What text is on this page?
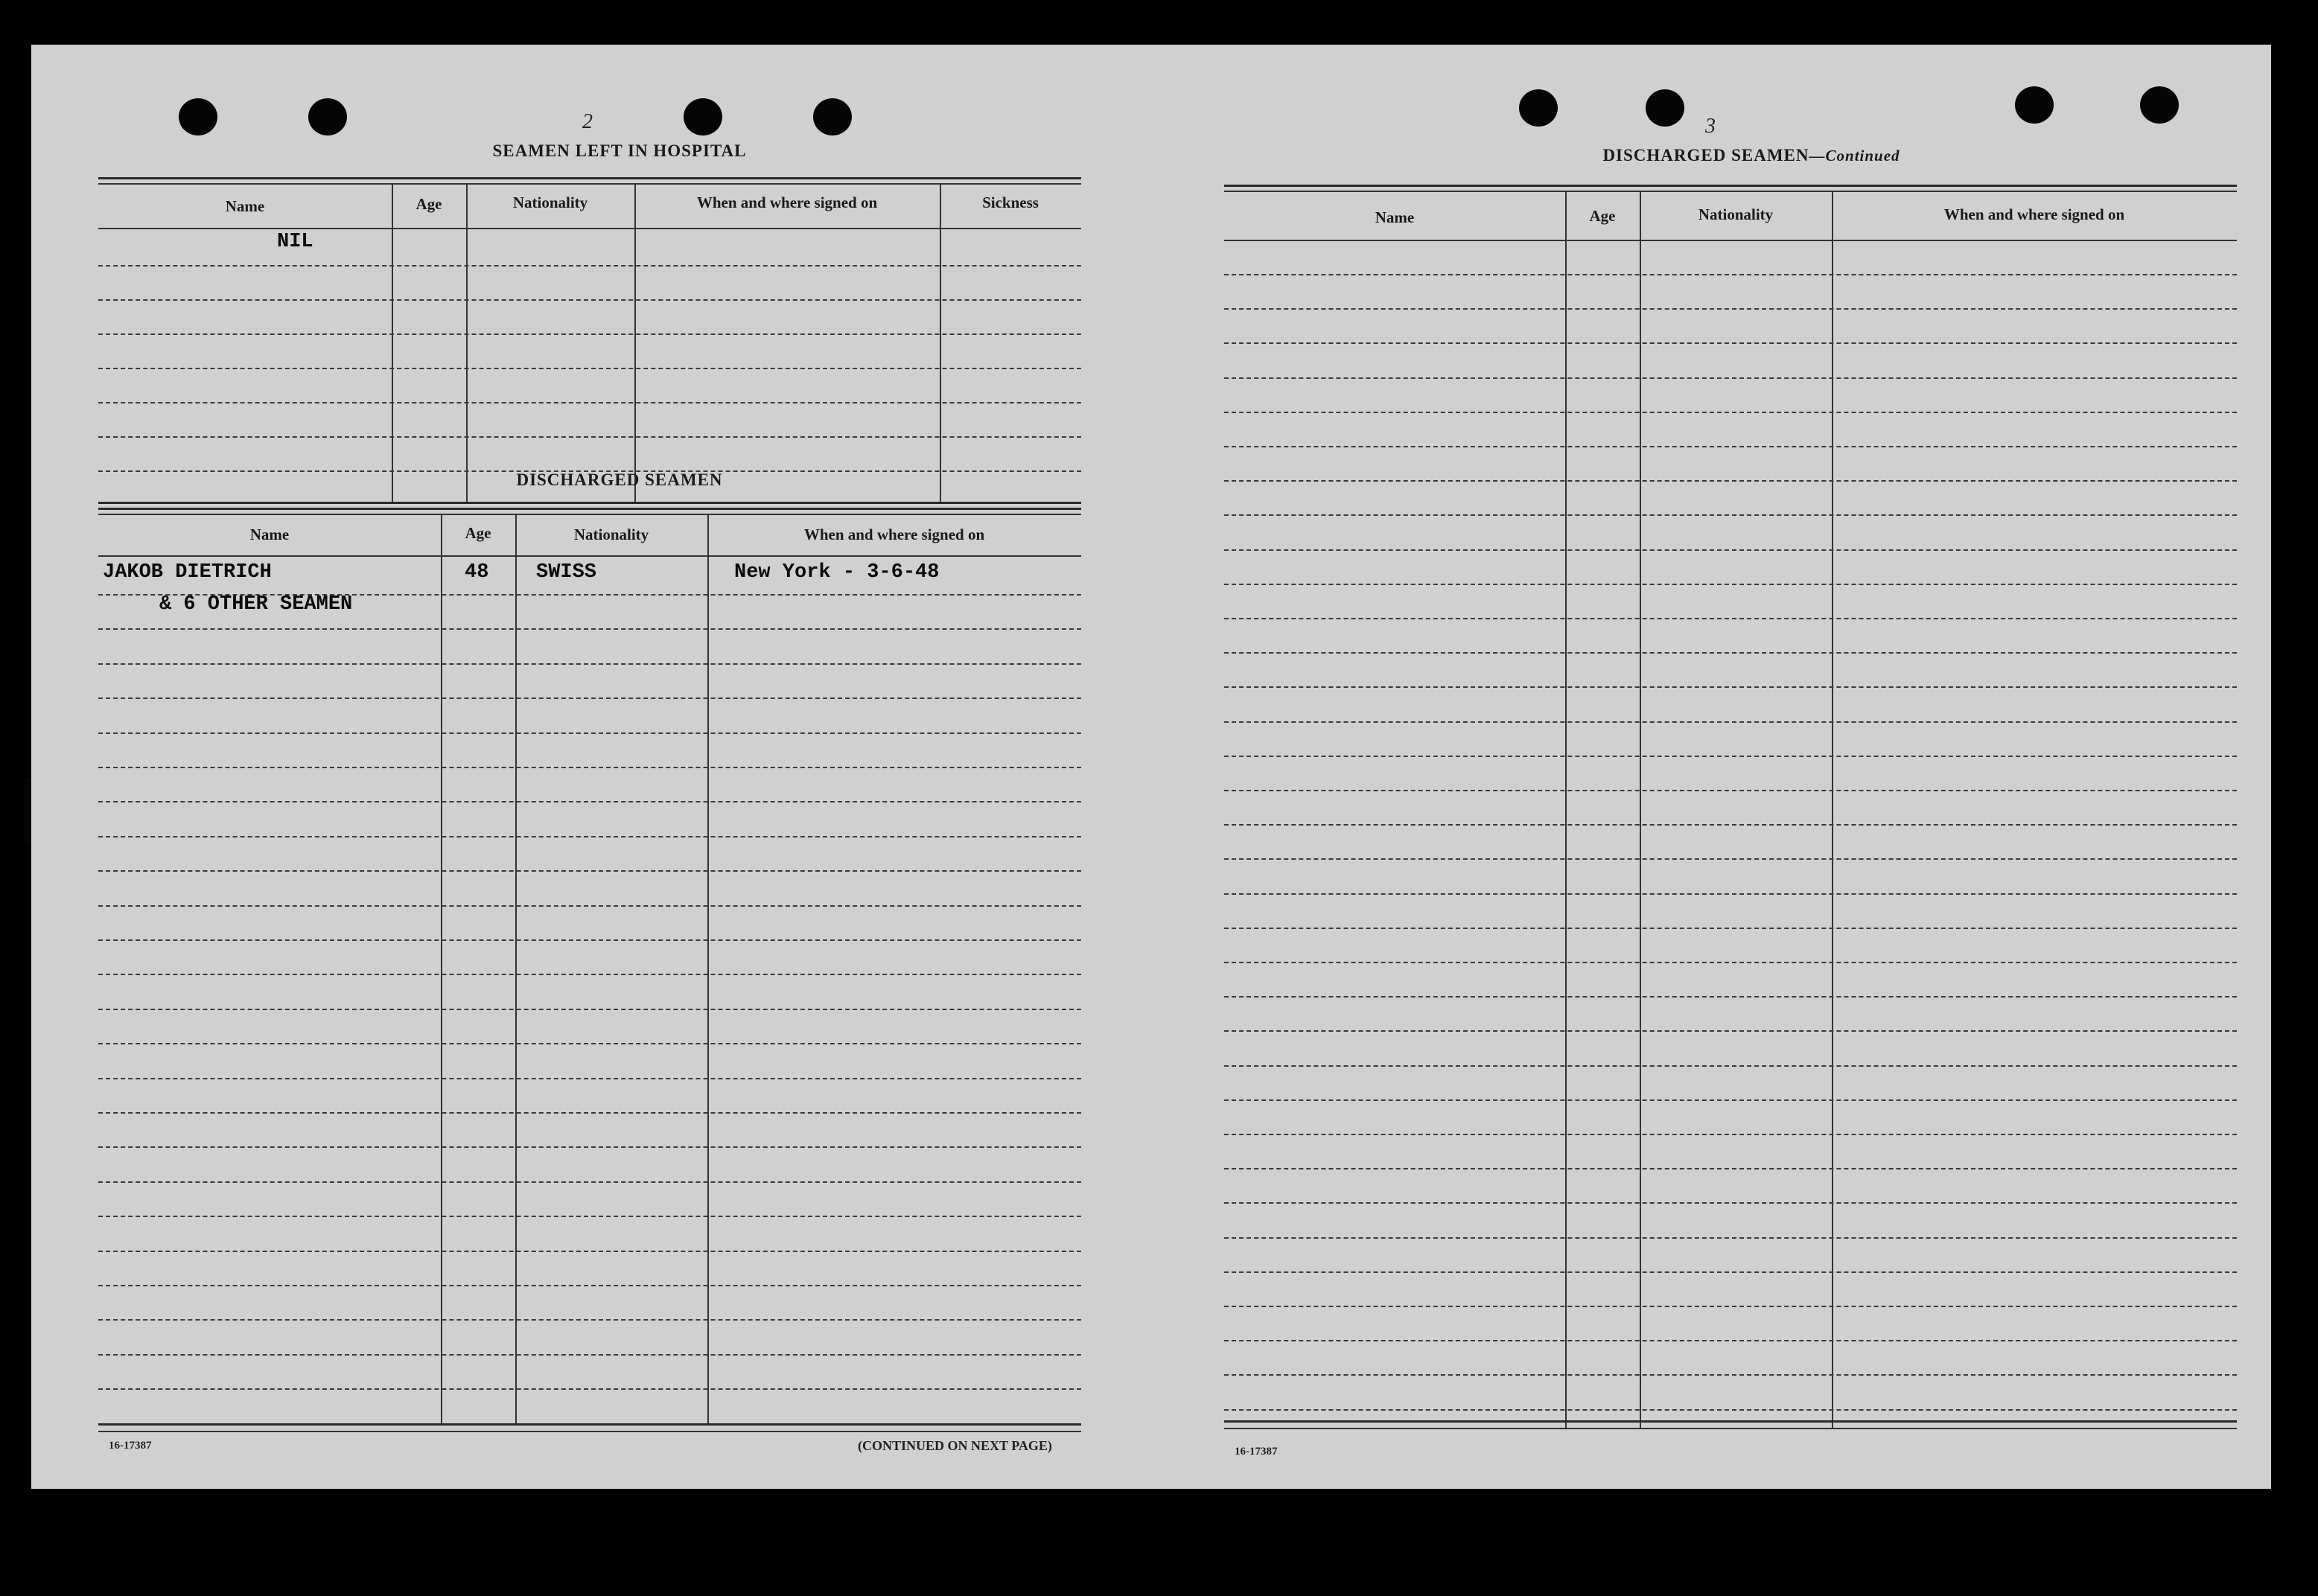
2
SEAMEN LEFT IN HOSPITAL
Name	Age	Nationality	When and where signed on	Sickness
NIL
DISCHARGED SEAMEN
Name	Age	Nationality	When and where signed on
JAKOB DIETRICH
& 6 OTHER SEAMEN
48 SWISS	New York - 3-6-48
16-17387	(CONTINUED ON NEXT PAGE)
3
DISCHARGED SEAMEN—Continued
Name	Age	Nationality	When and where signed on
16-17387
